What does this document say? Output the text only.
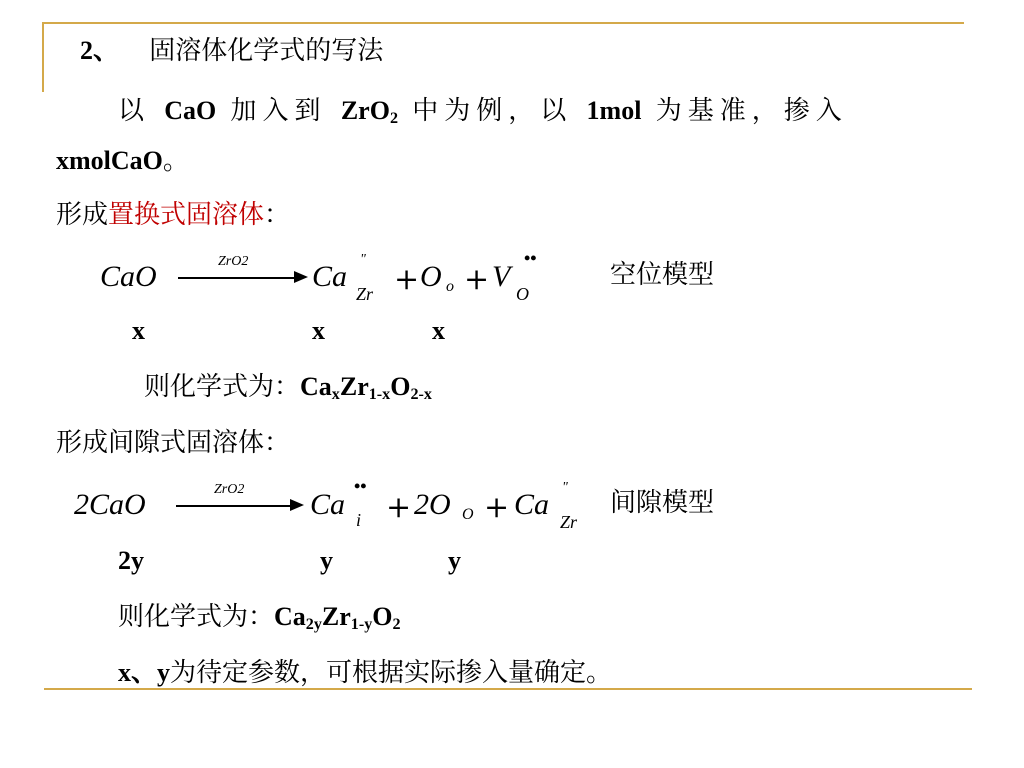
2、 固溶体化学式的写法
以 CaO 加入到 ZrO$_2$ 中为例，以 1mol 为基准，掺入
xmolCaO。
形成置换式固溶体：
CaO	ZrO2 Ca
"
Zr + O o + V
••
O
空位模型
x	x	x
则化学式为：$Ca_xZr_{1-x}O_{2-x}$
形成间隙式固溶体：
2CaO	ZrO2 Ca
••
i + 2O O + Ca
"
Zr
间隙模型
2y	y	y
则化学式为：$Ca_{2y}Zr_{1-y}O_2$
x、y为待定参数，可根据实际掺入量确定。
